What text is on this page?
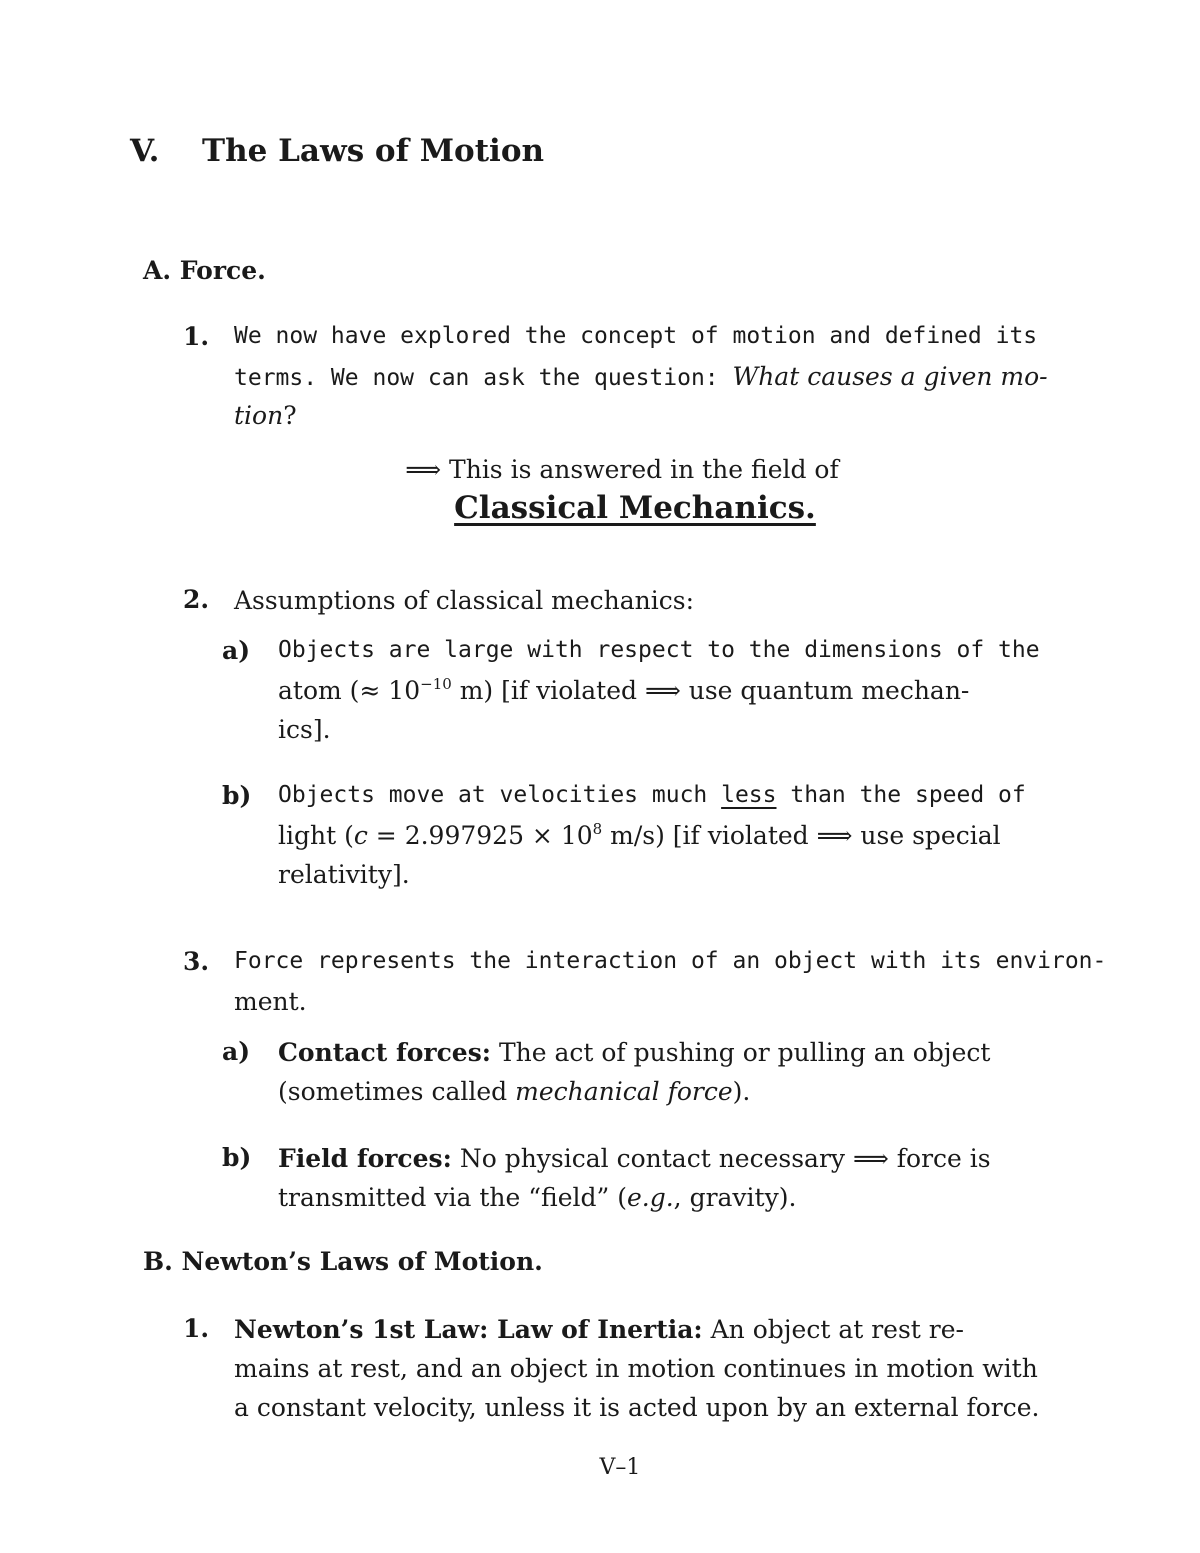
V. The Laws of Motion
A. Force.
1. We now have explored the concept of motion and defined its
terms. We now can ask the question: What causes a given mo-
tion?
⟹ This is answered in the field of
Classical Mechanics.
2. Assumptions of classical mechanics:
a) Objects are large with respect to the dimensions of the
atom (≈ $10^{-10}$ m) [if violated ⟹ use quantum mechan-
ics].
b) Objects move at velocities much less than the speed of
light ($c = 2.997925 \times 10^8$ m/s) [if violated ⟹ use special
relativity].
3. Force represents the interaction of an object with its environ-
ment.
a) Contact forces: The act of pushing or pulling an object
(sometimes called mechanical force).
b) Field forces: No physical contact necessary ⟹ force is
transmitted via the “field” (e.g., gravity).
B. Newton’s Laws of Motion.
1. Newton’s 1st Law: Law of Inertia: An object at rest re-
mains at rest, and an object in motion continues in motion with
a constant velocity, unless it is acted upon by an external force.
V–1
